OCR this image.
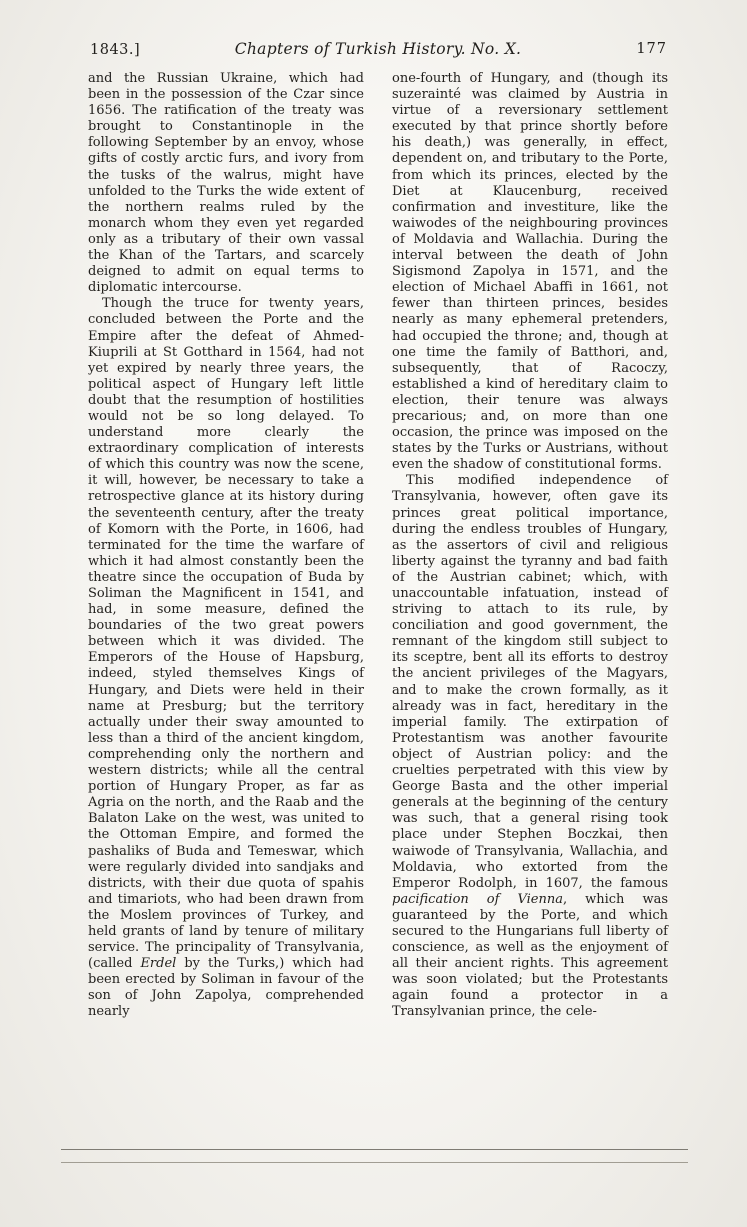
1843.]	Chapters of Turkish History. No. X.	177

and the Russian Ukraine, which had been in the possession of the Czar since 1656. The ratification of the treaty was brought to Constantinople in the following September by an envoy, whose gifts of costly arctic furs, and ivory from the tusks of the walrus, might have unfolded to the Turks the wide extent of the northern realms ruled by the monarch whom they even yet regarded only as a tributary of their own vassal the Khan of the Tartars, and scarcely deigned to admit on equal terms to diplomatic intercourse.

Though the truce for twenty years, concluded between the Porte and the Empire after the defeat of Ahmed-Kiuprili at St Gotthard in 1564, had not yet expired by nearly three years, the political aspect of Hungary left little doubt that the resumption of hostilities would not be so long delayed. To understand more clearly the extraordinary complication of interests of which this country was now the scene, it will, however, be necessary to take a retrospective glance at its history during the seventeenth century, after the treaty of Komorn with the Porte, in 1606, had terminated for the time the warfare of which it had almost constantly been the theatre since the occupation of Buda by Soliman the Magnificent in 1541, and had, in some measure, defined the boundaries of the two great powers between which it was divided. The Emperors of the House of Hapsburg, indeed, styled themselves Kings of Hungary, and Diets were held in their name at Presburg; but the territory actually under their sway amounted to less than a third of the ancient kingdom, comprehending only the northern and western districts; while all the central portion of Hungary Proper, as far as Agria on the north, and the Raab and the Balaton Lake on the west, was united to the Ottoman Empire, and formed the pashaliks of Buda and Temeswar, which were regularly divided into sandjaks and districts, with their due quota of spahis and timariots, who had been drawn from the Moslem provinces of Turkey, and held grants of land by tenure of military service. The principality of Transylvania, (called Erdel by the Turks,) which had been erected by Soliman in favour of the son of John Zapolya, comprehended nearly

one-fourth of Hungary, and (though its suzerainté was claimed by Austria in virtue of a reversionary settlement executed by that prince shortly before his death,) was generally, in effect, dependent on, and tributary to the Porte, from which its princes, elected by the Diet at Klaucenburg, received confirmation and investiture, like the waiwodes of the neighbouring provinces of Moldavia and Wallachia. During the interval between the death of John Sigismond Zapolya in 1571, and the election of Michael Abaffi in 1661, not fewer than thirteen princes, besides nearly as many ephemeral pretenders, had occupied the throne; and, though at one time the family of Batthori, and, subsequently, that of Racoczy, established a kind of hereditary claim to election, their tenure was always precarious; and, on more than one occasion, the prince was imposed on the states by the Turks or Austrians, without even the shadow of constitutional forms.

This modified independence of Transylvania, however, often gave its princes great political importance, during the endless troubles of Hungary, as the assertors of civil and religious liberty against the tyranny and bad faith of the Austrian cabinet; which, with unaccountable infatuation, instead of striving to attach to its rule, by conciliation and good government, the remnant of the kingdom still subject to its sceptre, bent all its efforts to destroy the ancient privileges of the Magyars, and to make the crown formally, as it already was in fact, hereditary in the imperial family. The extirpation of Protestantism was another favourite object of Austrian policy: and the cruelties perpetrated with this view by George Basta and the other imperial generals at the beginning of the century was such, that a general rising took place under Stephen Boczkai, then waiwode of Transylvania, Wallachia, and Moldavia, who extorted from the Emperor Rodolph, in 1607, the famous pacification of Vienna, which was guaranteed by the Porte, and which secured to the Hungarians full liberty of conscience, as well as the enjoyment of all their ancient rights. This agreement was soon violated; but the Protestants again found a protector in a Transylvanian prince, the cele-
